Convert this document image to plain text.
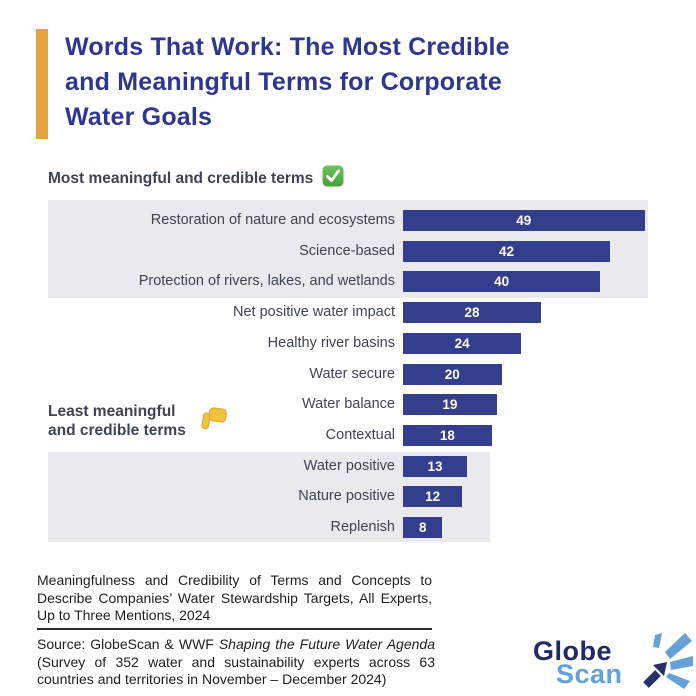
Words That Work: The Most Credible
and Meaningful Terms for Corporate
Water Goals
Most meaningful and credible terms
Restoration of nature and ecosystems	49
Science-based	42
Protection of rivers, lakes, and wetlands	40
Net positive water impact	28
Healthy river basins	24
Water secure	20
Water balance	19
Contextual	18
Water positive	13
Nature positive	12
Replenish	8
Least meaningful
and credible terms
Meaningfulness and Credibility of Terms and Concepts to Describe Companies’ Water Stewardship Targets, All Experts, Up to Three Mentions, 2024
Source: GlobeScan & WWF Shaping the Future Water Agenda (Survey of 352 water and sustainability experts across 63 countries and territories in November – December 2024)
Globe
Scan
